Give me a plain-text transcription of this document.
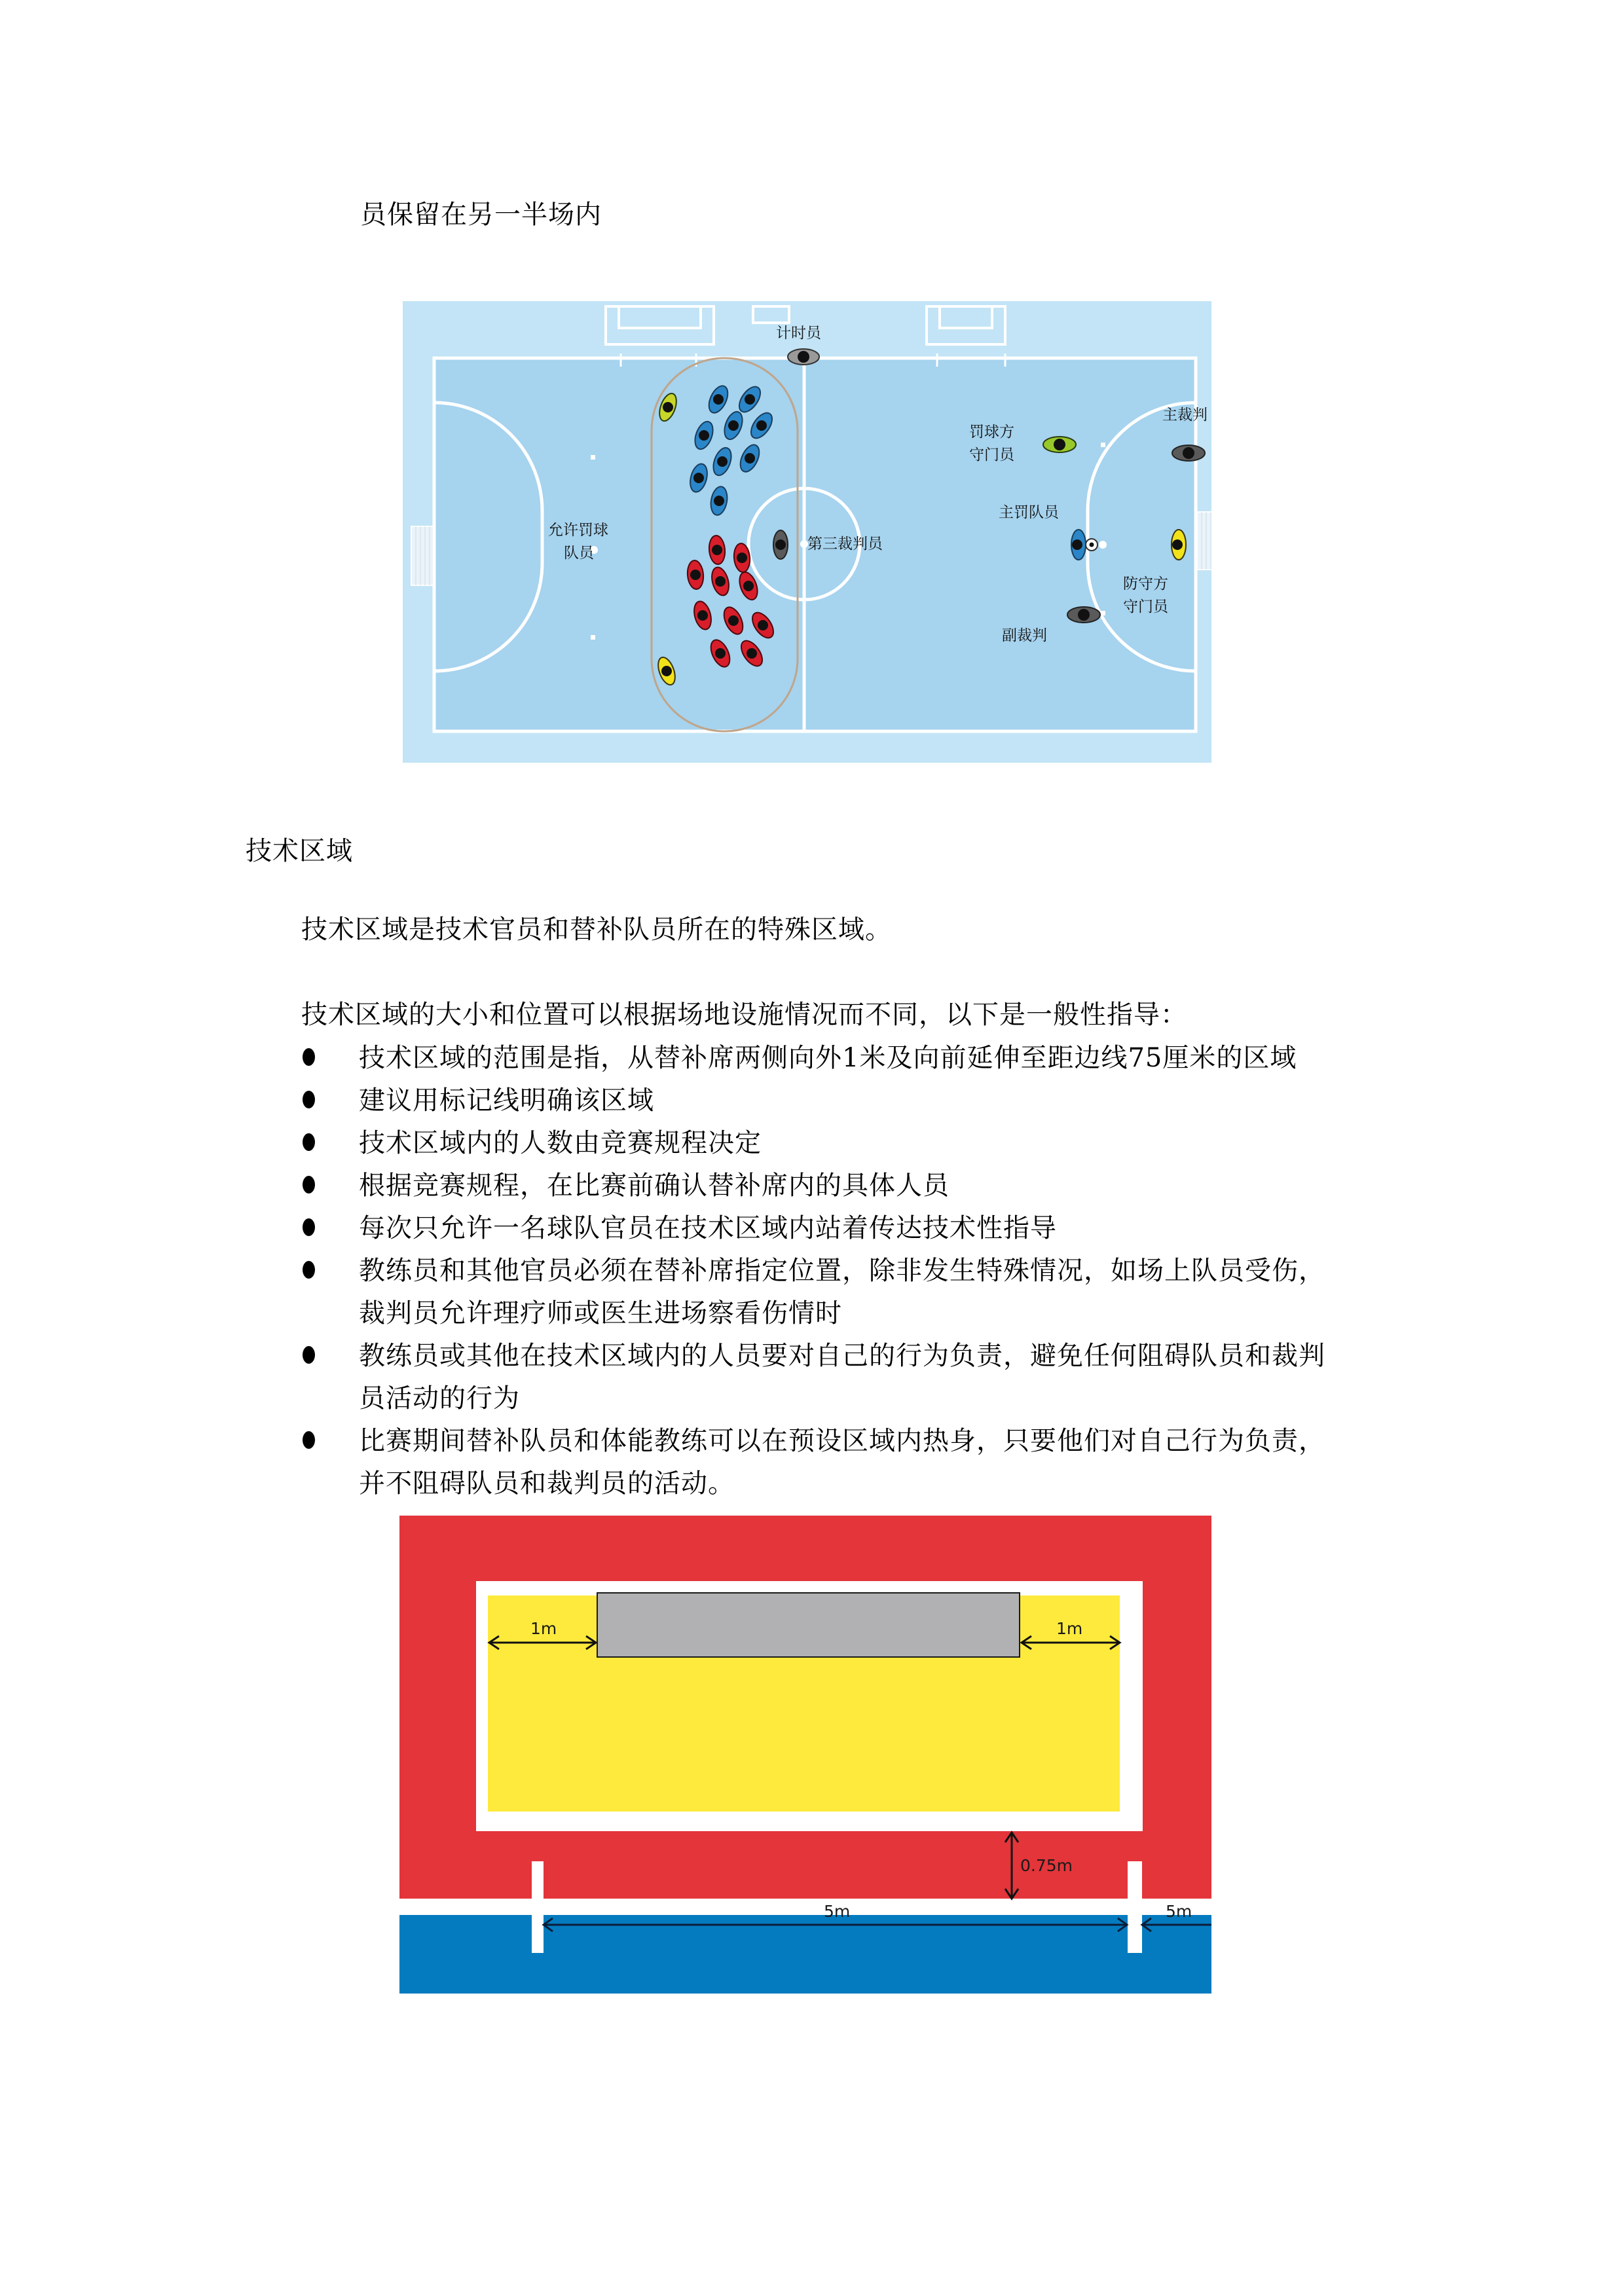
员保留在另一半场内
计时员
罚球方
守门员
主裁判
允许罚球
队员
第三裁判员
主罚队员
防守方
守门员
副裁判
技术区域
技术区域是技术官员和替补队员所在的特殊区域。
技术区域的大小和位置可以根据场地设施情况而不同，以下是一般性指导：
技术区域的范围是指，从替补席两侧向外1米及向前延伸至距边线75厘米的区域
建议用标记线明确该区域
技术区域内的人数由竞赛规程决定
根据竞赛规程，在比赛前确认替补席内的具体人员
每次只允许一名球队官员在技术区域内站着传达技术性指导
教练员和其他官员必须在替补席指定位置，除非发生特殊情况，如场上队员受伤，
裁判员允许理疗师或医生进场察看伤情时
教练员或其他在技术区域内的人员要对自己的行为负责，避免任何阻碍队员和裁判
员活动的行为
比赛期间替补队员和体能教练可以在预设区域内热身，只要他们对自己行为负责，
并不阻碍队员和裁判员的活动。
1m	1m
0.75m
5m	5m
